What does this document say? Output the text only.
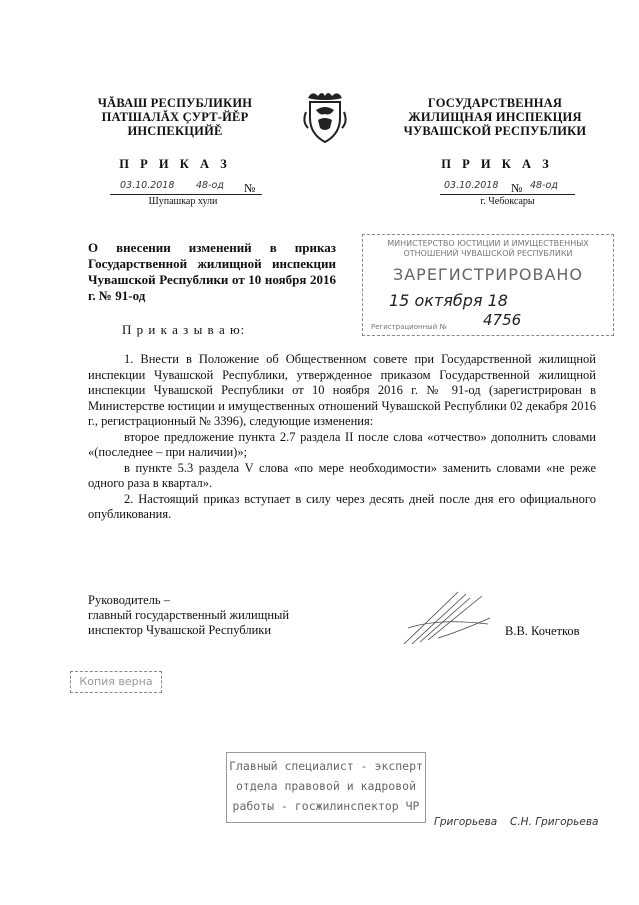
ЧĂВАШ РЕСПУБЛИКИН
ПАТШАЛĂХ ÇУРТ-ЙĚР
ИНСПЕКЦИЙĚ
ГОСУДАРСТВЕННАЯ
ЖИЛИЩНАЯ ИНСПЕКЦИЯ
ЧУВАШСКОЙ РЕСПУБЛИКИ
П Р И К А З	П Р И К А З
03.10.2018 48-од №
Шупашкар хули
03.10.2018 № 48-од
г. Чебоксары
МИНИСТЕРСТВО ЮСТИЦИИ И ИМУЩЕСТВЕННЫХ
ОТНОШЕНИЙ ЧУВАШСКОЙ РЕСПУБЛИКИ
ЗАРЕГИСТРИРОВАНО
15 октября 18
Регистрационный № 4756
О внесении изменений в приказ Государственной жилищной инспекции Чувашской Республики от 10 ноября 2016 г. № 91-од
П р и к а з ы в а ю:

1. Внести в Положение об Общественном совете при Государственной жилищной инспекции Чувашской Республики, утвержденное приказом Государственной жилищной инспекции Чувашской Республики от 10 ноября 2016 г. № 91-од (зарегистрирован в Министерстве юстиции и имущественных отношений Чувашской Республики 02 декабря 2016 г., регистрационный № 3396), следующие изменения:

второе предложение пункта 2.7 раздела II после слова «отчество» дополнить словами «(последнее – при наличии)»;

в пункте 5.3 раздела V слова «по мере необходимости» заменить словами «не реже одного раза в квартал».

2. Настоящий приказ вступает в силу через десять дней после дня его официального опубликования.

Руководитель –
главный государственный жилищный
инспектор Чувашской Республики	В.В. Кочетков
Копия верна
Главный специалист - эксперт
отдела правовой и кадровой
работы - госжилинспектор ЧР
Григорьева С.Н. Григорьева
